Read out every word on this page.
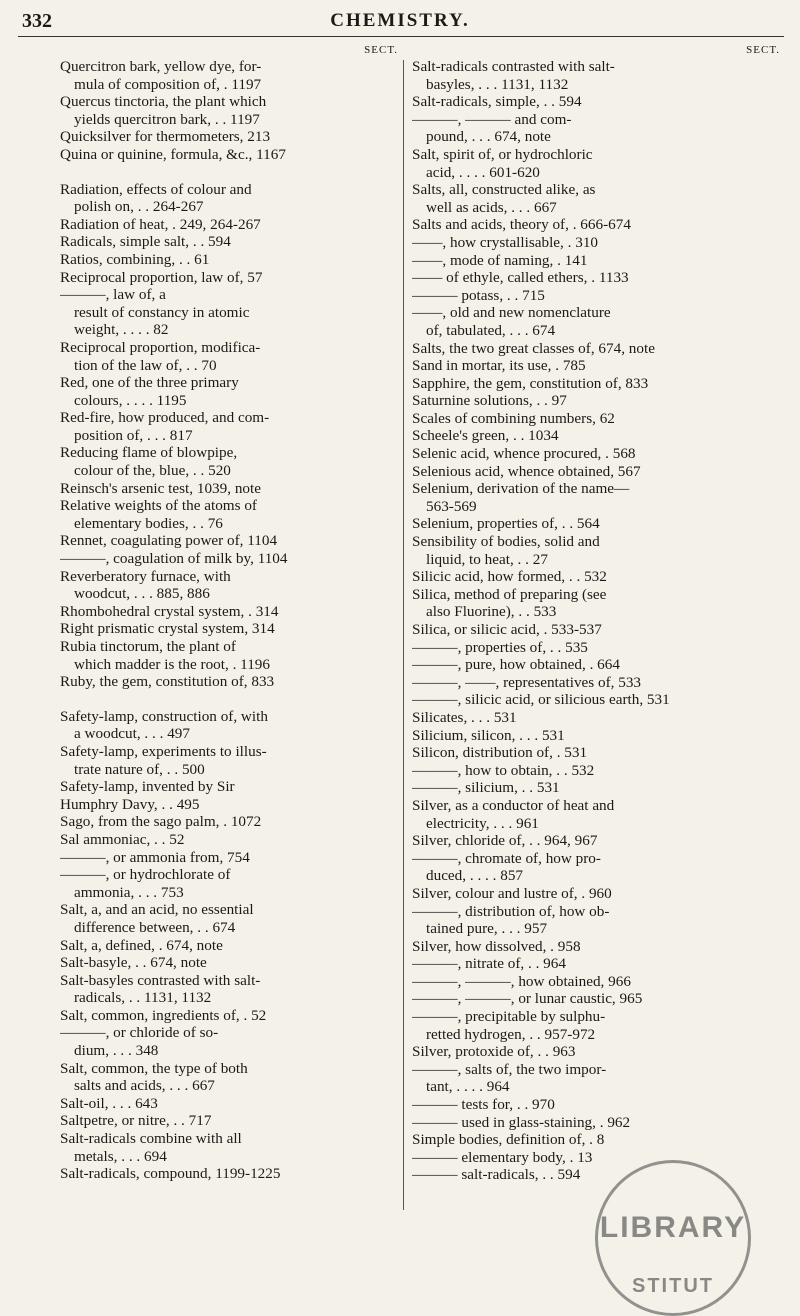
332	CHEMISTRY.
SECT.
Quercitron bark, yellow dye, for-
mula of composition of, . 1197
Quercus tinctoria, the plant which
yields quercitron bark, . . 1197
Quicksilver for thermometers, 213
Quina or quinine, formula, &c., 1167
Radiation, effects of colour and
polish on, . . 264-267
Radiation of heat, . 249, 264-267
Radicals, simple salt, . . 594
Ratios, combining, . . 61
Reciprocal proportion, law of, 57
———, law of, a
result of constancy in atomic
weight, . . . . 82
Reciprocal proportion, modifica-
tion of the law of, . . 70
Red, one of the three primary
colours, . . . . 1195
Red-fire, how produced, and com-
position of, . . . 817
Reducing flame of blowpipe,
colour of the, blue, . . 520
Reinsch's arsenic test, 1039, note
Relative weights of the atoms of
elementary bodies, . . 76
Rennet, coagulating power of, 1104
———, coagulation of milk by, 1104
Reverberatory furnace, with
woodcut, . . . 885, 886
Rhombohedral crystal system, . 314
Right prismatic crystal system, 314
Rubia tinctorum, the plant of
which madder is the root, . 1196
Ruby, the gem, constitution of, 833
Safety-lamp, construction of, with
a woodcut, . . . 497
Safety-lamp, experiments to illus-
trate nature of, . . 500
Safety-lamp, invented by Sir
Humphry Davy, . . 495
Sago, from the sago palm, . 1072
Sal ammoniac, . . 52
———, or ammonia from, 754
———, or hydrochlorate of
ammonia, . . . 753
Salt, a, and an acid, no essential
difference between, . . 674
Salt, a, defined, . 674, note
Salt-basyle, . . 674, note
Salt-basyles contrasted with salt-
radicals, . . 1131, 1132
Salt, common, ingredients of, . 52
———, or chloride of so-
dium, . . . 348
Salt, common, the type of both
salts and acids, . . . 667
Salt-oil, . . . 643
Saltpetre, or nitre, . . 717
Salt-radicals combine with all
metals, . . . 694
Salt-radicals, compound, 1199-1225
SECT.
Salt-radicals contrasted with salt-
basyles, . . . 1131, 1132
Salt-radicals, simple, . . 594
———, ——— and com-
pound, . . . 674, note
Salt, spirit of, or hydrochloric
acid, . . . . 601-620
Salts, all, constructed alike, as
well as acids, . . . 667
Salts and acids, theory of, . 666-674
——, how crystallisable, . 310
——, mode of naming, . 141
—— of ethyle, called ethers, . 1133
——— potass, . . 715
——, old and new nomenclature
of, tabulated, . . . 674
Salts, the two great classes of, 674, note
Sand in mortar, its use, . 785
Sapphire, the gem, constitution of, 833
Saturnine solutions, . . 97
Scales of combining numbers, 62
Scheele's green, . . 1034
Selenic acid, whence procured, . 568
Selenious acid, whence obtained, 567
Selenium, derivation of the name—
563-569
Selenium, properties of, . . 564
Sensibility of bodies, solid and
liquid, to heat, . . 27
Silicic acid, how formed, . . 532
Silica, method of preparing (see
also Fluorine), . . 533
Silica, or silicic acid, . 533-537
———, properties of, . . 535
———, pure, how obtained, . 664
———, ——, representatives of, 533
———, silicic acid, or silicious earth, 531
Silicates, . . . 531
Silicium, silicon, . . . 531
Silicon, distribution of, . 531
———, how to obtain, . . 532
———, silicium, . . 531
Silver, as a conductor of heat and
electricity, . . . 961
Silver, chloride of, . . 964, 967
———, chromate of, how pro-
duced, . . . . 857
Silver, colour and lustre of, . 960
———, distribution of, how ob-
tained pure, . . . 957
Silver, how dissolved, . 958
———, nitrate of, . . 964
———, ———, how obtained, 966
———, ———, or lunar caustic, 965
———, precipitable by sulphu-
retted hydrogen, . . 957-972
Silver, protoxide of, . . 963
———, salts of, the two impor-
tant, . . . . 964
——— tests for, . . 970
——— used in glass-staining, . 962
Simple bodies, definition of, . 8
——— elementary body, . 13
——— salt-radicals, . . 594
LIBRARY
STITUT
